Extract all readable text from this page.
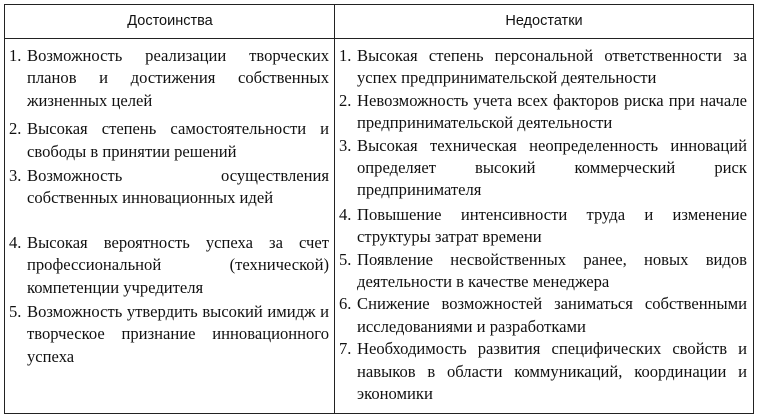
Достоинства	Недостатки
1. Возможность реализации творческих планов и достижения собственных жизненных целей
2. Высокая степень самостоятельности и свободы в принятии решений
3. Возможность осуществления собственных инновационных идей
4. Высокая вероятность успеха за счет профессиональной (технической) компетенции учредителя
5. Возможность утвердить высокий имидж и творческое признание инновационного успеха
1. Высокая степень персональной ответственности за успех предпринимательской деятельности
2. Невозможность учета всех факторов риска при начале предпринимательской деятельности
3. Высокая техническая неопределенность инноваций определяет высокий коммерческий риск предпринимателя
4. Повышение интенсивности труда и изменение структуры затрат времени
5. Появление несвойственных ранее, новых видов деятельности в качестве менеджера
6. Снижение возможностей заниматься собственными исследованиями и разработками
7. Необходимость развития специфических свойств и навыков в области коммуникаций, координации и экономики
